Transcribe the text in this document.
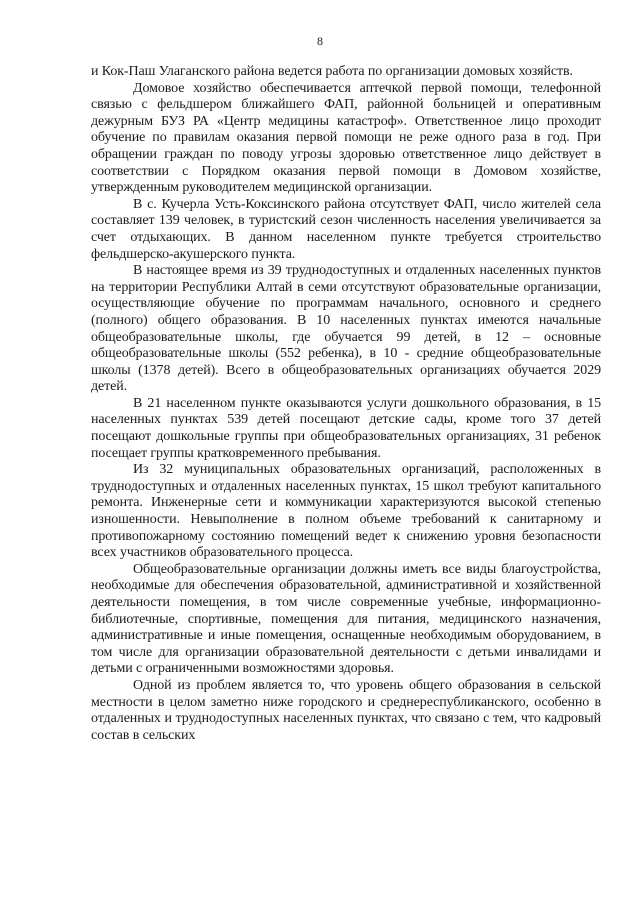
8

и Кок-Паш Улаганского района ведется работа по организации домовых хозяйств.

Домовое хозяйство обеспечивается аптечкой первой помощи, телефонной связью с фельдшером ближайшего ФАП, районной больницей и оперативным дежурным БУЗ РА «Центр медицины катастроф». Ответственное лицо проходит обучение по правилам оказания первой помощи не реже одного раза в год. При обращении граждан по поводу угрозы здоровью ответственное лицо действует в соответствии с Порядком оказания первой помощи в Домовом хозяйстве, утвержденным руководителем медицинской организации.

В с. Кучерла Усть-Коксинского района отсутствует ФАП, число жителей села составляет 139 человек, в туристский сезон численность населения увеличивается за счет отдыхающих. В данном населенном пункте требуется строительство фельдшерско-акушерского пункта.

В настоящее время из 39 труднодоступных и отдаленных населенных пунктов на территории Республики Алтай в семи отсутствуют образовательные организации, осуществляющие обучение по программам начального, основного и среднего (полного) общего образования. В 10 населенных пунктах имеются начальные общеобразовательные школы, где обучается 99 детей, в 12 – основные общеобразовательные школы (552 ребенка), в 10 - средние общеобразовательные школы (1378 детей). Всего в общеобразовательных организациях обучается 2029 детей.

В 21 населенном пункте оказываются услуги дошкольного образования, в 15 населенных пунктах 539 детей посещают детские сады, кроме того 37 детей посещают дошкольные группы при общеобразовательных организациях, 31 ребенок посещает группы кратковременного пребывания.

Из 32 муниципальных образовательных организаций, расположенных в труднодоступных и отдаленных населенных пунктах, 15 школ требуют капитального ремонта. Инженерные сети и коммуникации характеризуются высокой степенью изношенности. Невыполнение в полном объеме требований к санитарному и противопожарному состоянию помещений ведет к снижению уровня безопасности всех участников образовательного процесса.

Общеобразовательные организации должны иметь все виды благоустройства, необходимые для обеспечения образовательной, административной и хозяйственной деятельности помещения, в том числе современные учебные, информационно-библиотечные, спортивные, помещения для питания, медицинского назначения, административные и иные помещения, оснащенные необходимым оборудованием, в том числе для организации образовательной деятельности с детьми инвалидами и детьми с ограниченными возможностями здоровья.

Одной из проблем является то, что уровень общего образования в сельской местности в целом заметно ниже городского и среднереспубликанского, особенно в отдаленных и труднодоступных населенных пунктах, что связано с тем, что кадровый состав в сельских
